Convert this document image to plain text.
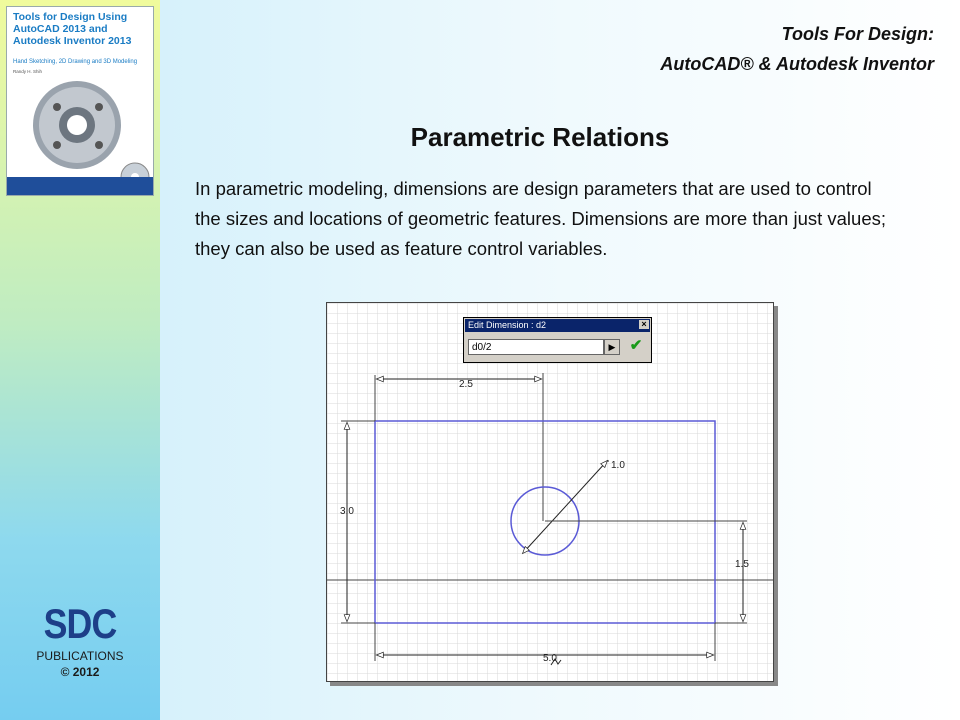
Tools for Design Using AutoCAD 2013 and Autodesk Inventor 2013
Hand Sketching, 2D Drawing and 3D Modeling
Randy H. Shih
SDC
PUBLICATIONS
© 2012
Tools For Design:
AutoCAD® & Autodesk Inventor
Parametric Relations
In parametric modeling, dimensions are design parameters that are used to control the sizes and locations of geometric features. Dimensions are more than just values; they can also be used as feature control variables.
2.5
3.0
1.0
1.5
5.0
Edit Dimension : d2	×
d0/2	▶ ✔
